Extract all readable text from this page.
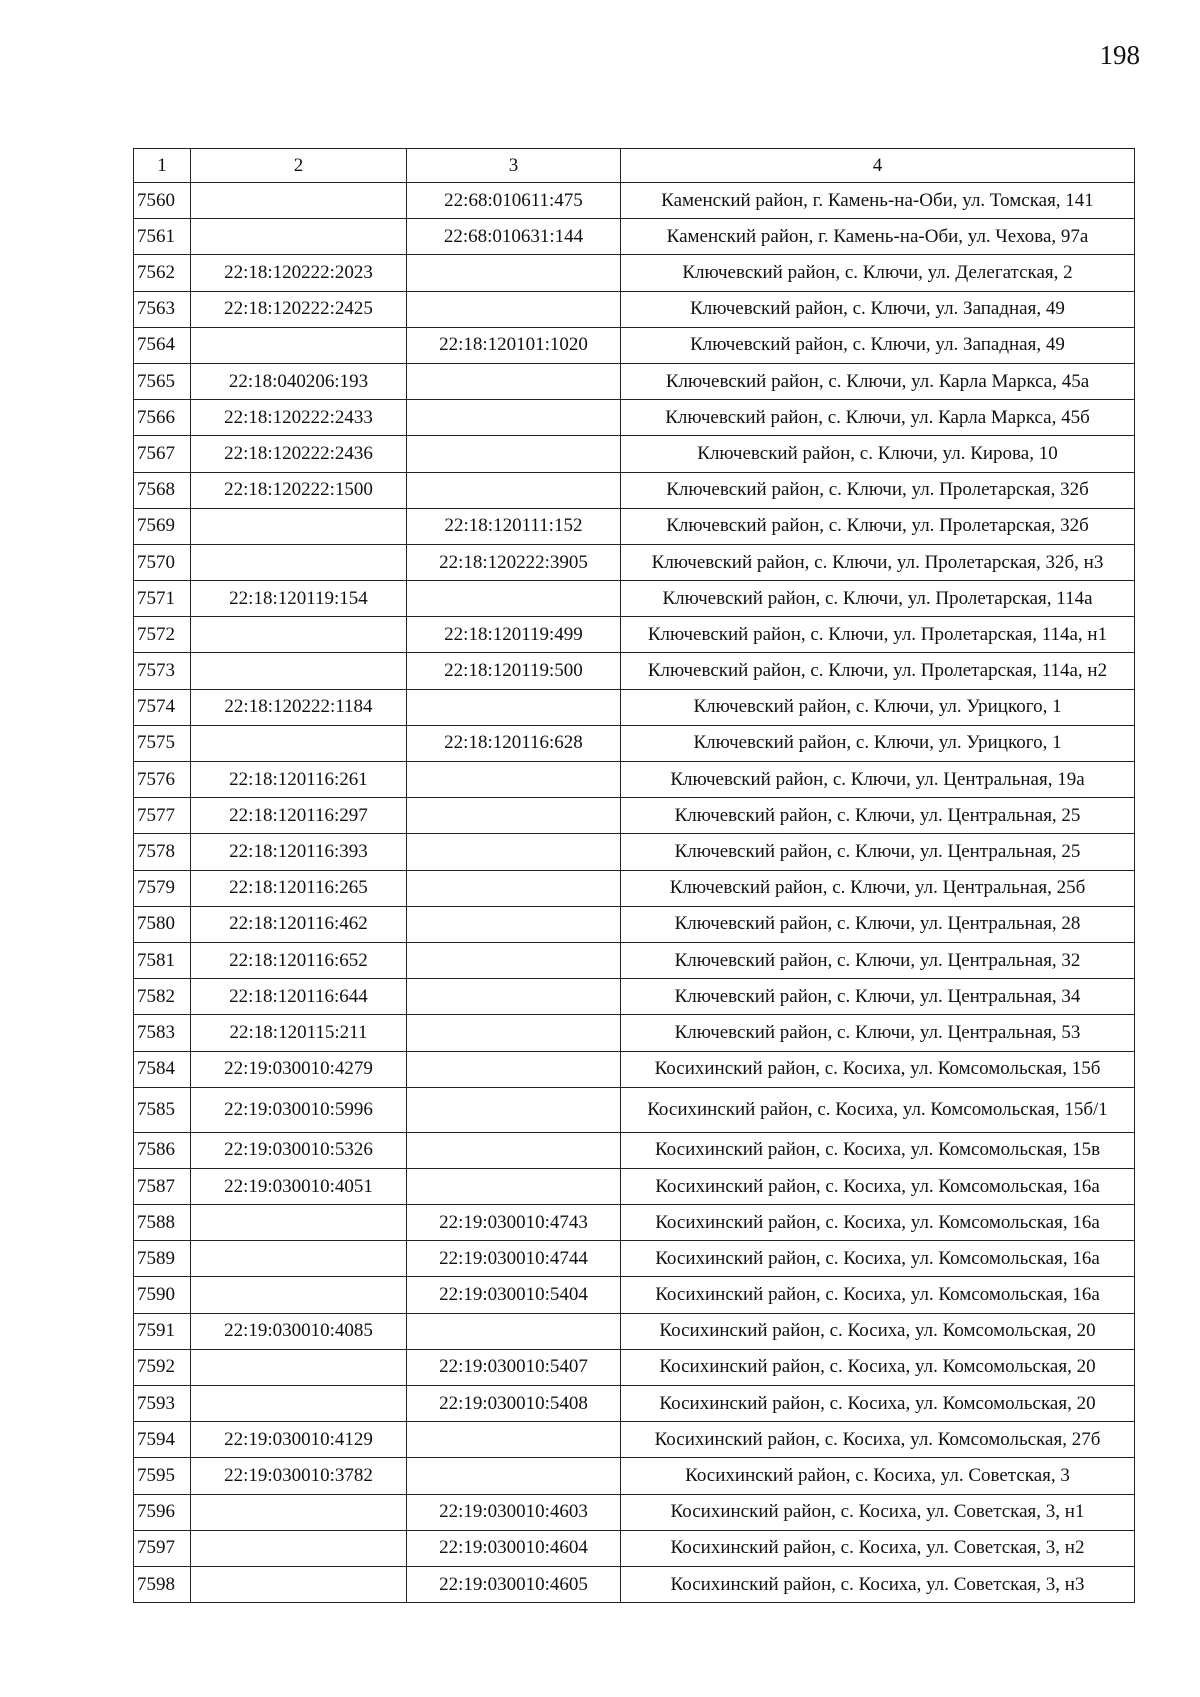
198
1	2	3	4
7560		22:68:010611:475	Каменский район, г. Камень-на-Оби, ул. Томская, 141
7561		22:68:010631:144	Каменский район, г. Камень-на-Оби, ул. Чехова, 97а
7562	22:18:120222:2023		Ключевский район, с. Ключи, ул. Делегатская, 2
7563	22:18:120222:2425		Ключевский район, с. Ключи, ул. Западная, 49
7564		22:18:120101:1020	Ключевский район, с. Ключи, ул. Западная, 49
7565	22:18:040206:193		Ключевский район, с. Ключи, ул. Карла Маркса, 45а
7566	22:18:120222:2433		Ключевский район, с. Ключи, ул. Карла Маркса, 45б
7567	22:18:120222:2436		Ключевский район, с. Ключи, ул. Кирова, 10
7568	22:18:120222:1500		Ключевский район, с. Ключи, ул. Пролетарская, 32б
7569		22:18:120111:152	Ключевский район, с. Ключи, ул. Пролетарская, 32б
7570		22:18:120222:3905	Ключевский район, с. Ключи, ул. Пролетарская, 32б, н3
7571	22:18:120119:154		Ключевский район, с. Ключи, ул. Пролетарская, 114а
7572		22:18:120119:499	Ключевский район, с. Ключи, ул. Пролетарская, 114а, н1
7573		22:18:120119:500	Ключевский район, с. Ключи, ул. Пролетарская, 114а, н2
7574	22:18:120222:1184		Ключевский район, с. Ключи, ул. Урицкого, 1
7575		22:18:120116:628	Ключевский район, с. Ключи, ул. Урицкого, 1
7576	22:18:120116:261		Ключевский район, с. Ключи, ул. Центральная, 19а
7577	22:18:120116:297		Ключевский район, с. Ключи, ул. Центральная, 25
7578	22:18:120116:393		Ключевский район, с. Ключи, ул. Центральная, 25
7579	22:18:120116:265		Ключевский район, с. Ключи, ул. Центральная, 25б
7580	22:18:120116:462		Ключевский район, с. Ключи, ул. Центральная, 28
7581	22:18:120116:652		Ключевский район, с. Ключи, ул. Центральная, 32
7582	22:18:120116:644		Ключевский район, с. Ключи, ул. Центральная, 34
7583	22:18:120115:211		Ключевский район, с. Ключи, ул. Центральная, 53
7584	22:19:030010:4279		Косихинский район, с. Косиха, ул. Комсомольская, 15б
7585	22:19:030010:5996		Косихинский район, с. Косиха, ул. Комсомольская, 15б/1
7586	22:19:030010:5326		Косихинский район, с. Косиха, ул. Комсомольская, 15в
7587	22:19:030010:4051		Косихинский район, с. Косиха, ул. Комсомольская, 16а
7588		22:19:030010:4743	Косихинский район, с. Косиха, ул. Комсомольская, 16а
7589		22:19:030010:4744	Косихинский район, с. Косиха, ул. Комсомольская, 16а
7590		22:19:030010:5404	Косихинский район, с. Косиха, ул. Комсомольская, 16а
7591	22:19:030010:4085		Косихинский район, с. Косиха, ул. Комсомольская, 20
7592		22:19:030010:5407	Косихинский район, с. Косиха, ул. Комсомольская, 20
7593		22:19:030010:5408	Косихинский район, с. Косиха, ул. Комсомольская, 20
7594	22:19:030010:4129		Косихинский район, с. Косиха, ул. Комсомольская, 27б
7595	22:19:030010:3782		Косихинский район, с. Косиха, ул. Советская, 3
7596		22:19:030010:4603	Косихинский район, с. Косиха, ул. Советская, 3, н1
7597		22:19:030010:4604	Косихинский район, с. Косиха, ул. Советская, 3, н2
7598		22:19:030010:4605	Косихинский район, с. Косиха, ул. Советская, 3, н3
